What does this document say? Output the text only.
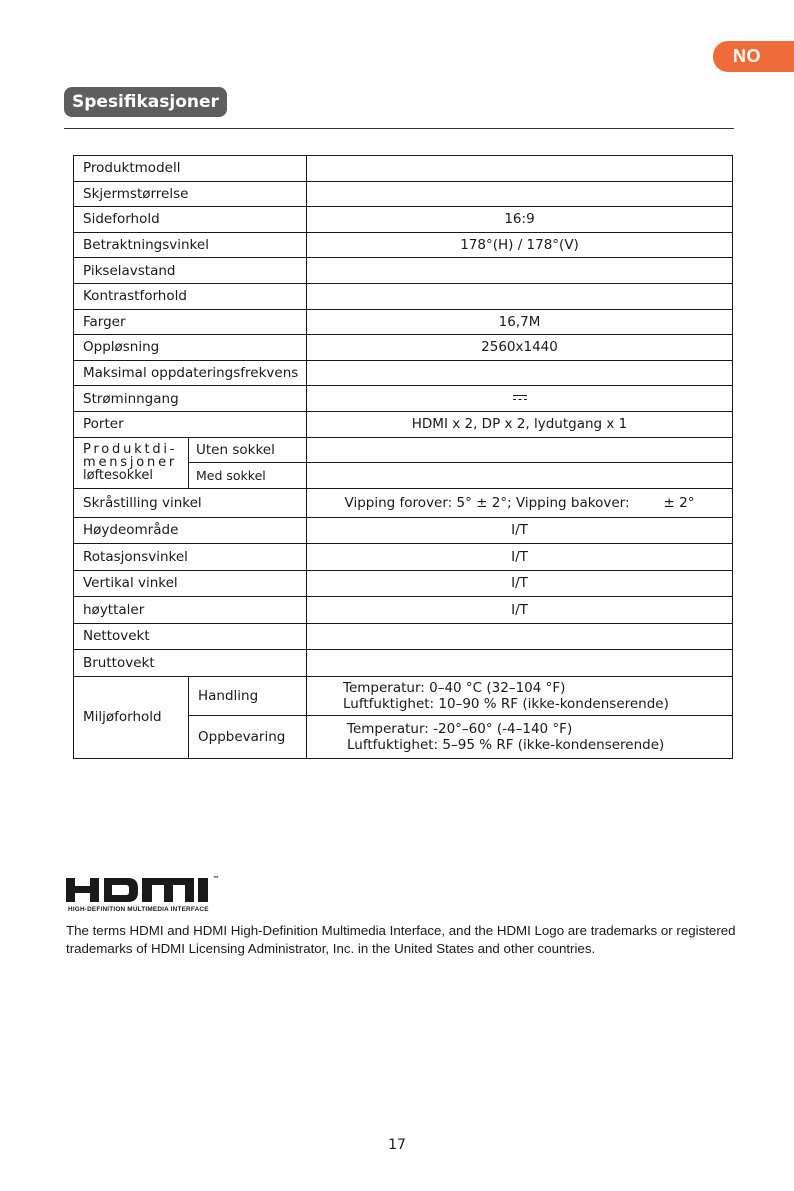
NO
Spesifikasjoner
Produktmodell		
Skjermstørrelse		
Sideforhold		16:9
Betraktningsvinkel		178°(H) / 178°(V)
Pikselavstand		
Kontrastforhold		
Farger		16,7M
Oppløsning		2560x1440
Maksimal oppdateringsfrekvens		
Strøminngang		
Porter		HDMI x 2, DP x 2, lydutgang x 1
Produktdi-
mensjoner
løftesokkel	Uten sokkel	
	Med sokkel	
Skråstilling vinkel		Vipping forover: 5° ± 2°; Vipping bakover: ± 2°
Høydeområde		I/T
Rotasjonsvinkel		I/T
Vertikal vinkel		I/T
høyttaler		I/T
Nettovekt		
Bruttovekt		
Miljøforhold	Handling	Temperatur: 0–40 °C (32–104 °F)
Luftfuktighet: 10–90 % RF (ikke-kondenserende)
	Oppbevaring	Temperatur: -20°–60° (-4–140 °F)
Luftfuktighet: 5–95 % RF (ikke-kondenserende)
™
HIGH-DEFINITION MULTIMEDIA INTERFACE
The terms HDMI and HDMI High-Definition Multimedia Interface, and the HDMI Logo are trademarks or registered trademarks of HDMI Licensing Administrator, Inc. in the United States and other countries.
17
